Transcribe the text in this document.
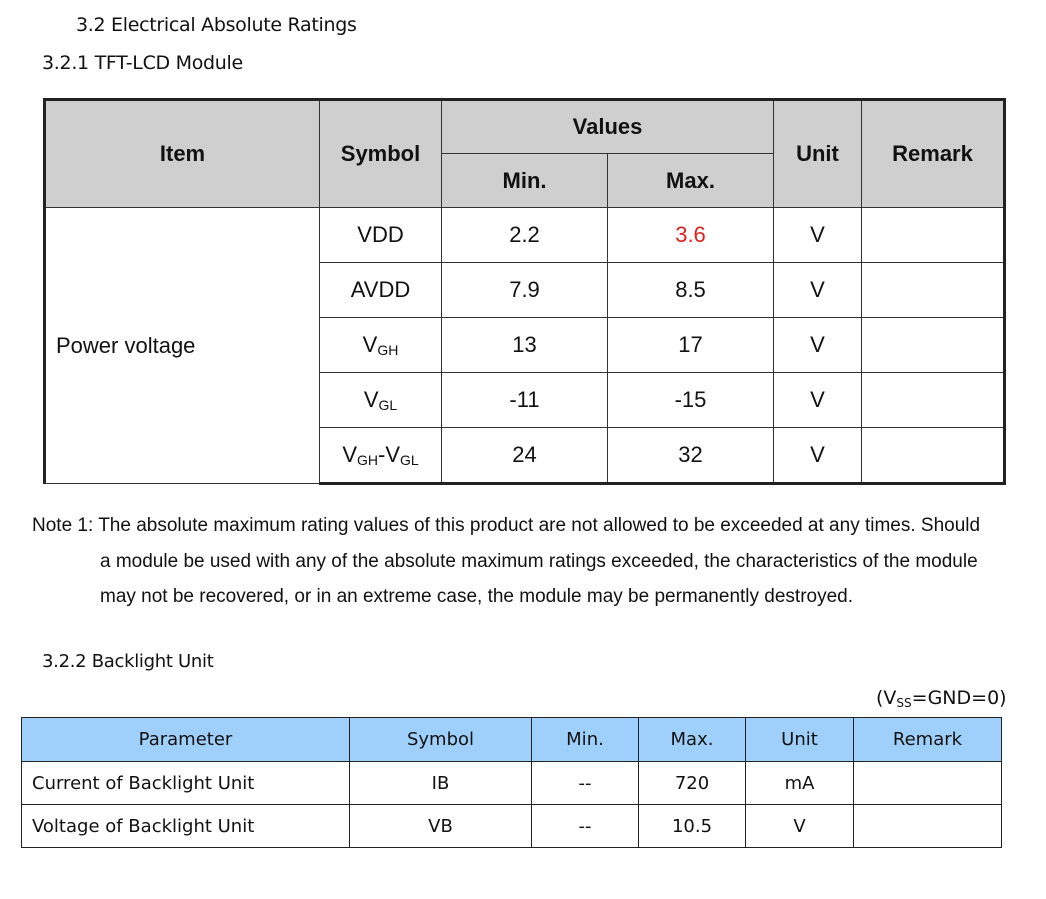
3.2 Electrical Absolute Ratings
3.2.1 TFT-LCD Module
Item	Symbol	Values		Unit	Remark
		Min.	Max.		
Power voltage	VDD	2.2	3.6	V	
	AVDD	7.9	8.5	V	
	$V_{GH}$	13	17	V	
	$V_{GL}$	-11	-15	V	
	$V_{GH}-V_{GL}$	24	32	V	
Note 1: The absolute maximum rating values of this product are not allowed to be exceeded at any times. Should
a module be used with any of the absolute maximum ratings exceeded, the characteristics of the module
may not be recovered, or in an extreme case, the module may be permanently destroyed.
3.2.2 Backlight Unit
$(V_{SS}=GND=0)$
Parameter	Symbol	Min.	Max.	Unit	Remark
Current of Backlight Unit	IB	--	720	mA	
Voltage of Backlight Unit	VB	--	10.5	V	
